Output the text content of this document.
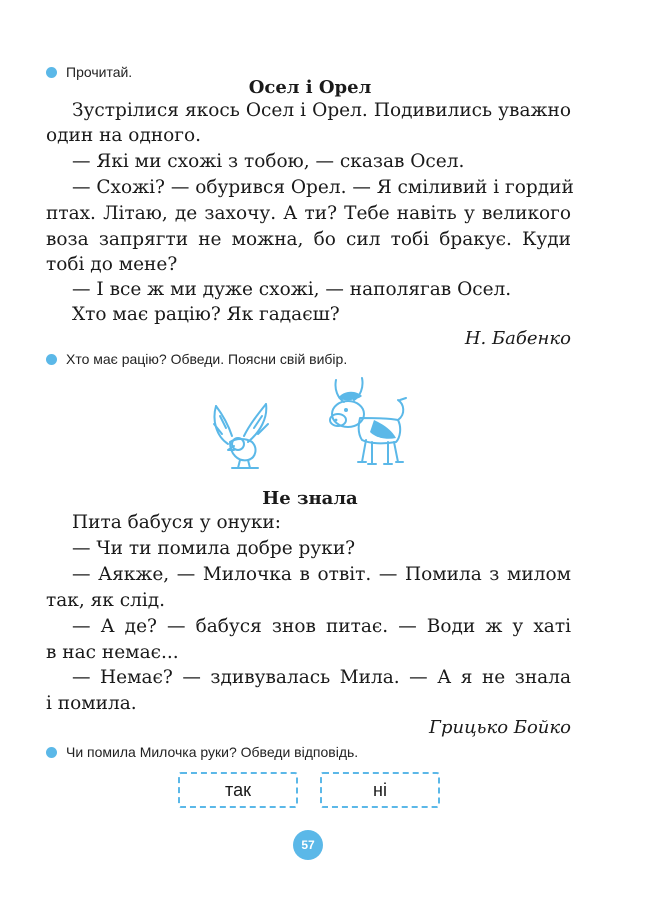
Прочитай.
Осел і Орел
Зустрілися якось Осел і Орел. Подивились уважно
один на одного.
— Які ми схожі з тобою, — сказав Осел.
— Схожі? — обурився Орел. — Я сміливий і гордий
птах. Літаю, де захочу. А ти? Тебе навіть у великого
воза запрягти не можна, бо сил тобі бракує. Куди
тобі до мене?
— І все ж ми дуже схожі, — наполягав Осел.
Хто має рацію? Як гадаєш?
Н. Бабенко
Хто має рацію? Обведи. Поясни свій вибір.
Не знала
Пита бабуся у онуки:
— Чи ти помила добре руки?
— Аякже, — Милочка в отвіт. — Помила з милом
так, як слід.
— А де? — бабуся знов питає. — Води ж у хаті
в нас немає...
— Немає? — здивувалась Мила. — А я не знала
і помила.
Грицько Бойко
Чи помила Милочка руки? Обведи відповідь.
так	ні
57
